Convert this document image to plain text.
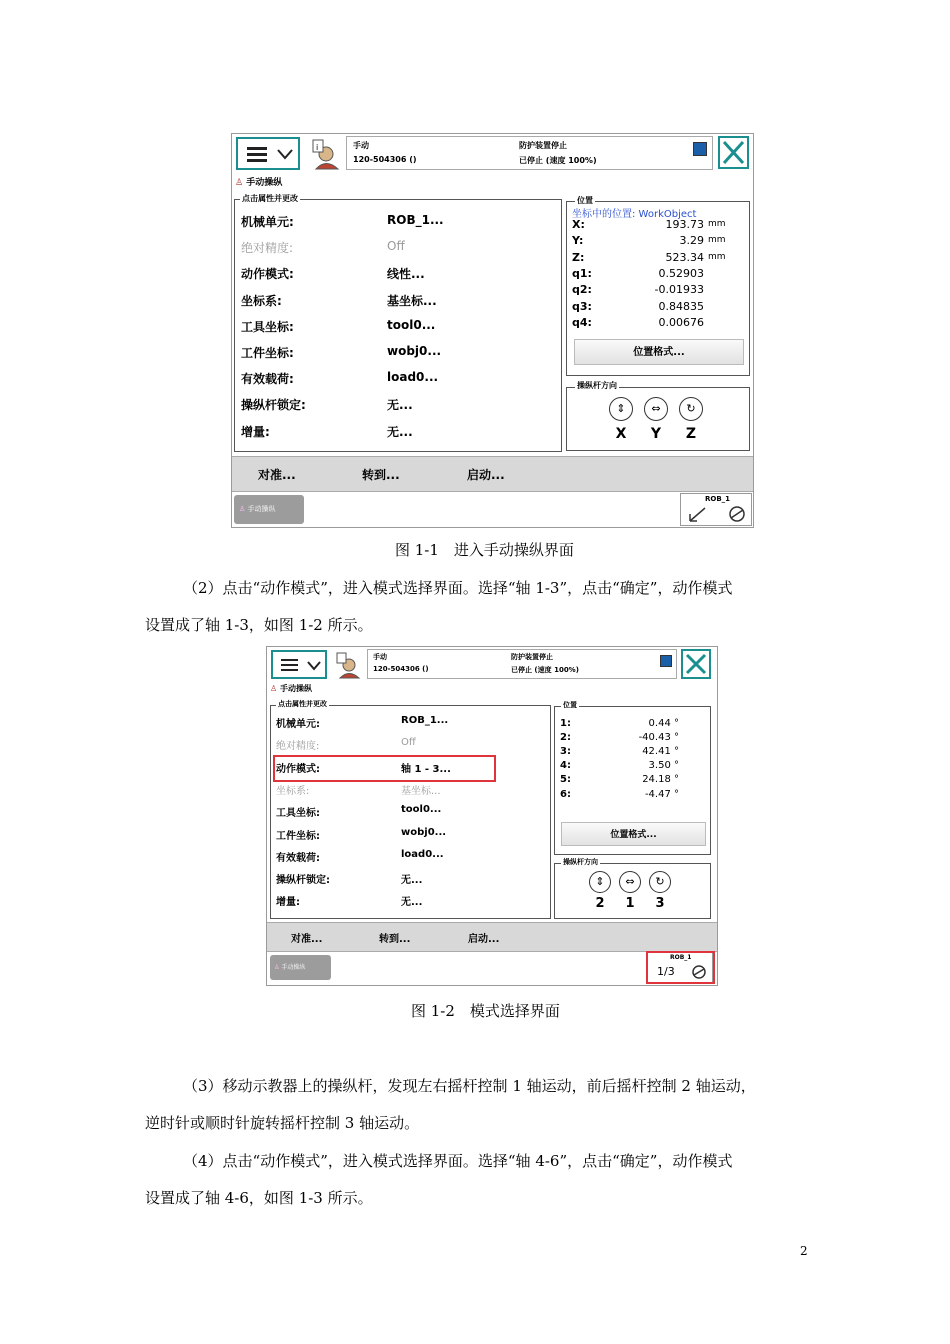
i	手动
120-504306 ()
防护装置停止
已停止 (速度 100%)
♙ 手动操纵
点击属性并更改
机械单元:	ROB_1...
绝对精度:	Off
动作模式:	线性...
坐标系:	基坐标...
工具坐标:	tool0...
工件坐标:	wobj0...
有效载荷:	load0...
操纵杆锁定:	无...
增量:	无...
位置
坐标中的位置: WorkObject
X:	193.73 mm
Y:	3.29 mm
Z:	523.34 mm
q1:	0.52903
q2:	-0.01933
q3:	0.84835
q4:	0.00676
位置格式...
操纵杆方向
⇕	⇔	↻
X	Y	Z
对准...	转到...	启动...
♙ 手动操纵
ROB_1
图 1-1　进入手动操纵界面
（2）点击“动作模式”，进入模式选择界面。选择“轴 1-3”，点击“确定”，动作模式
设置成了轴 1-3，如图 1-2 所示。
手动
120-504306 ()
防护装置停止
已停止 (速度 100%)
♙ 手动操纵
点击属性并更改
机械单元:	ROB_1...
绝对精度:	Off
动作模式:	轴 1 - 3...
坐标系:	基坐标...
工具坐标:	tool0...
工件坐标:	wobj0...
有效载荷:	load0...
操纵杆锁定:	无...
增量:	无...
位置
1:	0.44 °
2:	-40.43 °
3:	42.41 °
4:	3.50 °
5:	24.18 °
6:	-4.47 °
位置格式...
操纵杆方向
⇕	⇔	↻
2	1	3
对准...	转到...	启动...
♙ 手动操纵
ROB_1
1/3
图 1-2　模式选择界面
（3）移动示教器上的操纵杆，发现左右摇杆控制 1 轴运动，前后摇杆控制 2 轴运动，
逆时针或顺时针旋转摇杆控制 3 轴运动。
（4）点击“动作模式”，进入模式选择界面。选择“轴 4-6”，点击“确定”，动作模式
设置成了轴 4-6，如图 1-3 所示。
2
